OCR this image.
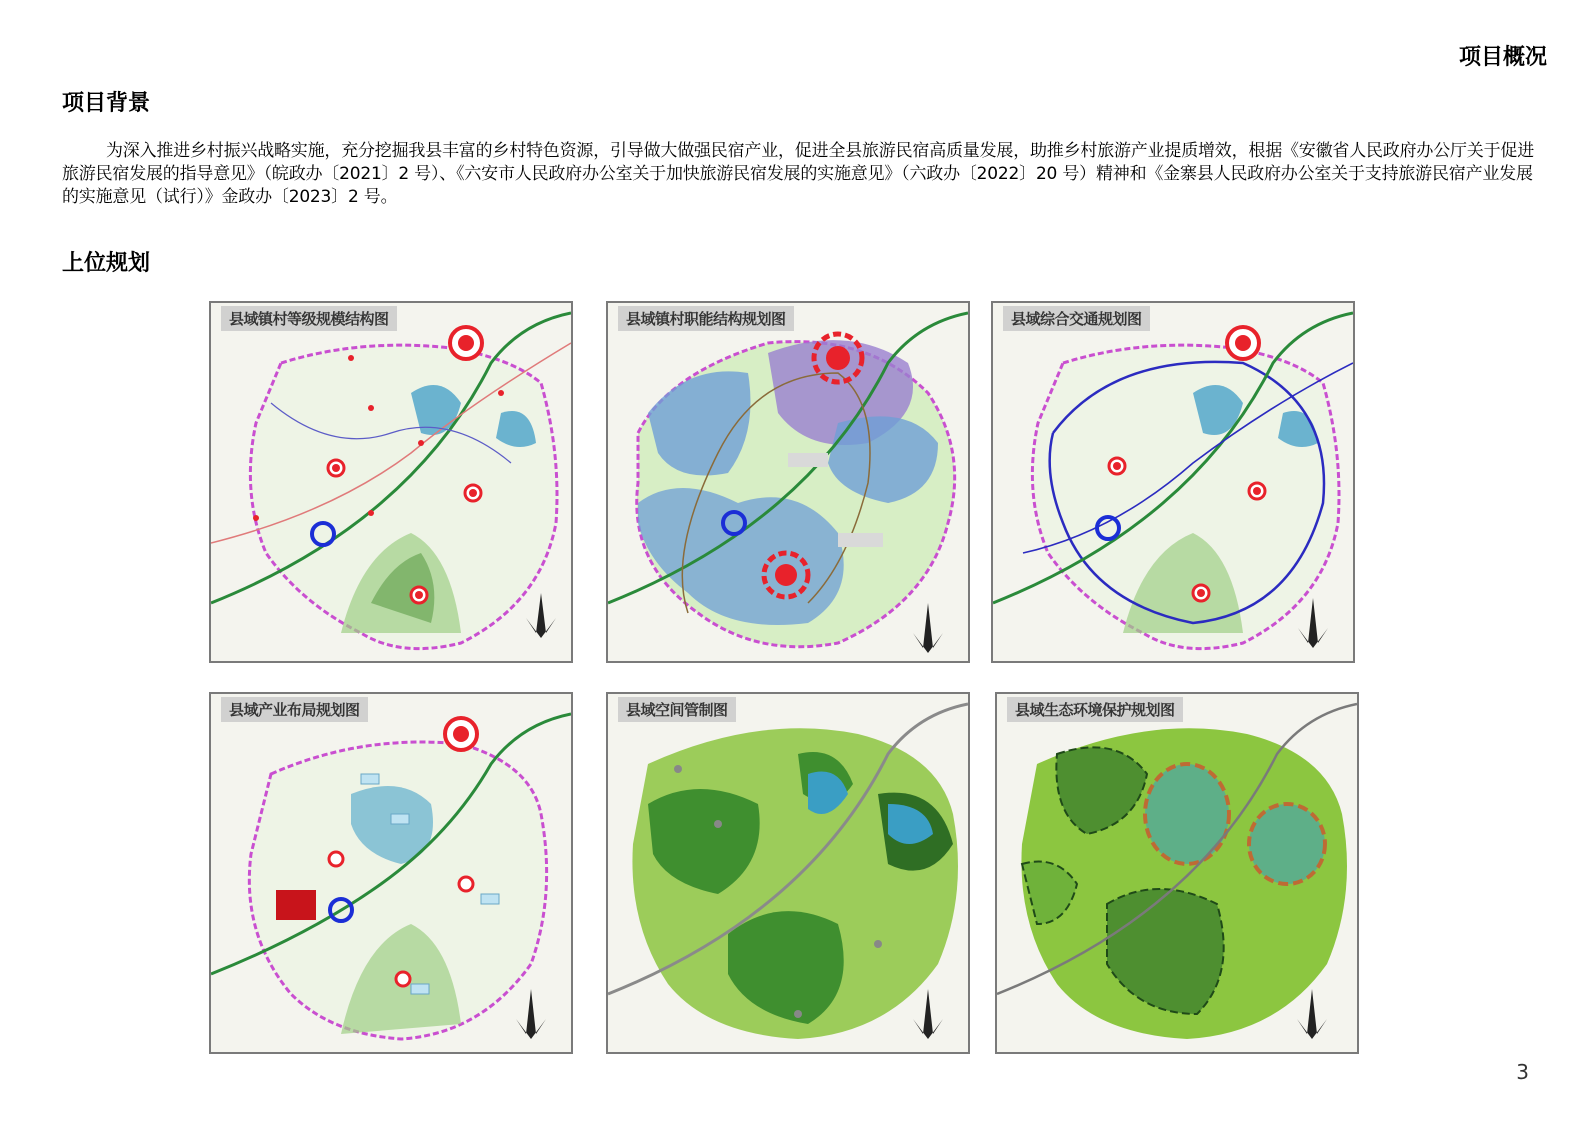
项目概况
项目背景

为深入推进乡村振兴战略实施，充分挖掘我县丰富的乡村特色资源，引导做大做强民宿产业，促进全县旅游民宿高质量发展，助推乡村旅游产业提质增效，根据《安徽省人民政府办公厅关于促进旅游民宿发展的指导意见》（皖政办〔2021〕2 号）、《六安市人民政府办公室关于加快旅游民宿发展的实施意见》（六政办〔2022〕20 号）精神和《金寨县人民政府办公室关于支持旅游民宿产业发展的实施意见（试行）》金政办〔2023〕2 号。

上位规划
县域镇村等级规模结构图	县域镇村职能结构规划图	县域综合交通规划图
县域产业布局规划图	县域空间管制图	县域生态环境保护规划图
3
